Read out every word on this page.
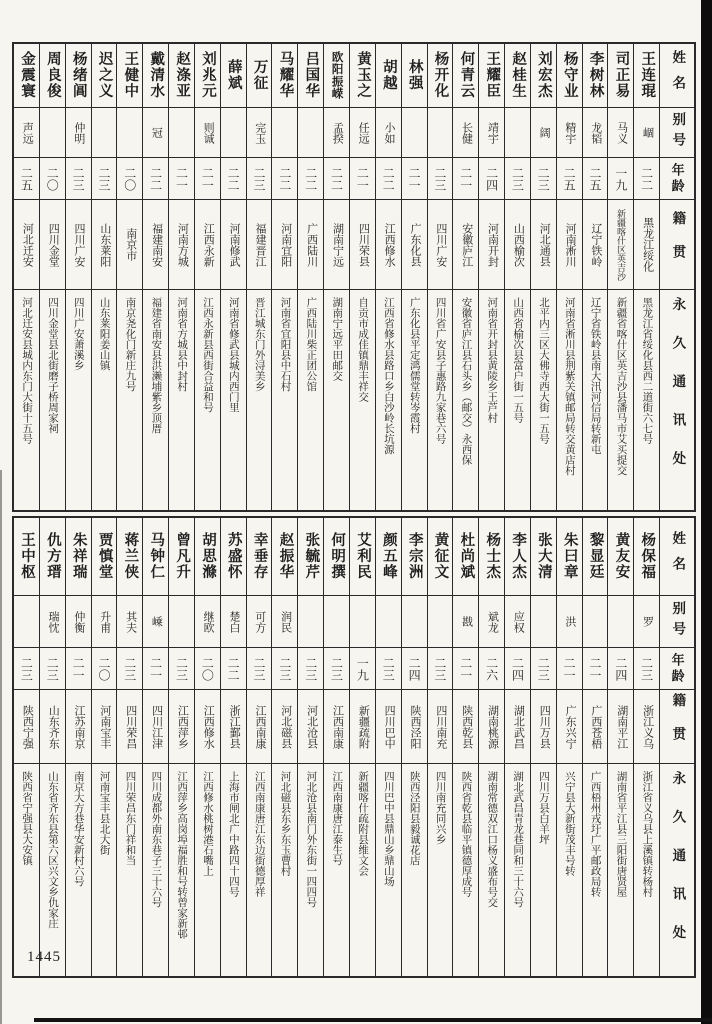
金震寰
声远
二五
河北迁安
河北迁安县城内东门大街十五号
周良俊
二〇
四川金堂
四川金堂县北街磨子桥周家祠
杨绪阊
仲明
二三
四川广安
四川广安萧溪乡
迟之义
二三
山东莱阳
山东莱阳姜山镇
王健中
二〇
南京市
南京尧化门新庄九号
戴清水
冠
二二
福建南安
福建省南安县洪濑埔紫乡顶厝
赵涤亚
二一
河南方城
河南省方城县中封村
刘兆元
则诚
二一
江西永新
江西永新县西街合益和号
薛斌
二二
河南修武
河南省修武县城内西门里
万征
完玉
二三
福建晋江
晋江城东门外浔美乡
马耀华
二二
河南宜阳
河南省宜阳县中石村
吕国华
二二
广西陆川
广西陆川柴正团公馆
欧阳振嵘
孟揆
二二
湖南宁远
湖南宁远平田邮交
黄玉之
任远
二一
四川荣县
自贡市成佳镇鼎丰祥交
胡越
小如
二二
江西修水
江西省修水县路口乡白沙岭长坑源
林强
二一
广东化县
广东化县平定鸿儒堂转岑霞村
杨开化
二三
四川广安
四川省广安县子惠路九家巷六号
何青云
长健
二一
安徽庐江
安徽省庐江县石头乡（邮交）永西保
王耀臣
靖宇
二四
河南开封
河南省开封县黄陵乡王芦村
赵桂生
二三
山西榆次
山西省榆次县富户街一五号
刘宏杰
阔
二三
河北通县
北平内三区大佛寺西大街一五号
杨守业
精宇
二五
河南淅川
河南省淅川县荆紫关镇邮局转交黄店村
李树林
龙韬
二五
辽宁铁岭
辽宁省铁岭县南大汛河信局转新屯
司正易
马义
一九
新疆喀什区英吉沙
新疆省喀什区英吉沙县潘马市艾买提交
王连琨
崓
二二
黑龙江绥化
黑龙江省绥化县西二道街六七号
姓名
别号
年龄
籍贯
永久通讯处
王中枢
二三
陕西宁强
陕西省宁强县大安镇
仇方瑨
瑞忱
二三
山东齐东
山东省齐东县第六区兴文乡仇家庄
朱祥瑞
仲衡
二一
江苏南京
南京大方巷华安新村六号
贾慎堂
升甫
二〇
河南宝丰
河南宝丰县北大街
蒋兰侠
其夫
二三
四川荣昌
四川荣昌东门祥和当
马钟仁
嵊
二一
四川江津
四川成都外南东巷子三十六号
曾凡升
二三
江西萍乡
江西萍乡高岗埠福胜和号转曾家新邨
胡思滌
继欧
二〇
江西修水
江西修水桃树港石嘴上
苏盛怀
楚白
二二
浙江鄞县
上海市闸北广中路四十四号
幸垂存
可方
二三
江西南康
江西南康唐江东边街德厚祥
赵振华
润民
二三
河北磁县
河北磁县东乡东玉曹村
张毓芹
二三
河北沧县
河北沧县南门外东街一四四号
何明撰
二三
江西南康
江西南康唐江泰生号
艾利民
一九
新疆疏附
新疆喀什疏附县维文会
颜五峰
二三
四川巴中
四川巴中县鼎山乡鼎山场
李宗洲
二四
陕西泾阳
陕西泾阳县毅诚花店
黄征文
二三
四川南充
四川南充同兴乡
杜尚斌
戡
二一
陕西乾县
陕西省乾县临平镇德厚成号
杨士杰
斌龙
二六
湖南桃源
湖南常德双江口杨义盛布号交
李人杰
应权
二四
湖北武昌
湖北武昌青龙巷同和三十六号
张大清
二三
四川万县
四川万县白羊坪
朱曰章
洪
二一
广东兴宁
兴宁县大新街茂丰号转
黎显廷
二一
广西苍梧
广西梧州戎圩广平邮政局转
黄友安
二四
湖南平江
湖南省平江县三阳街唐贤屋
杨保福
罗
二三
浙江义乌
浙江省义乌县上溪镇转杨村
姓名
别号
年龄
籍贯
永久通讯处
1445
